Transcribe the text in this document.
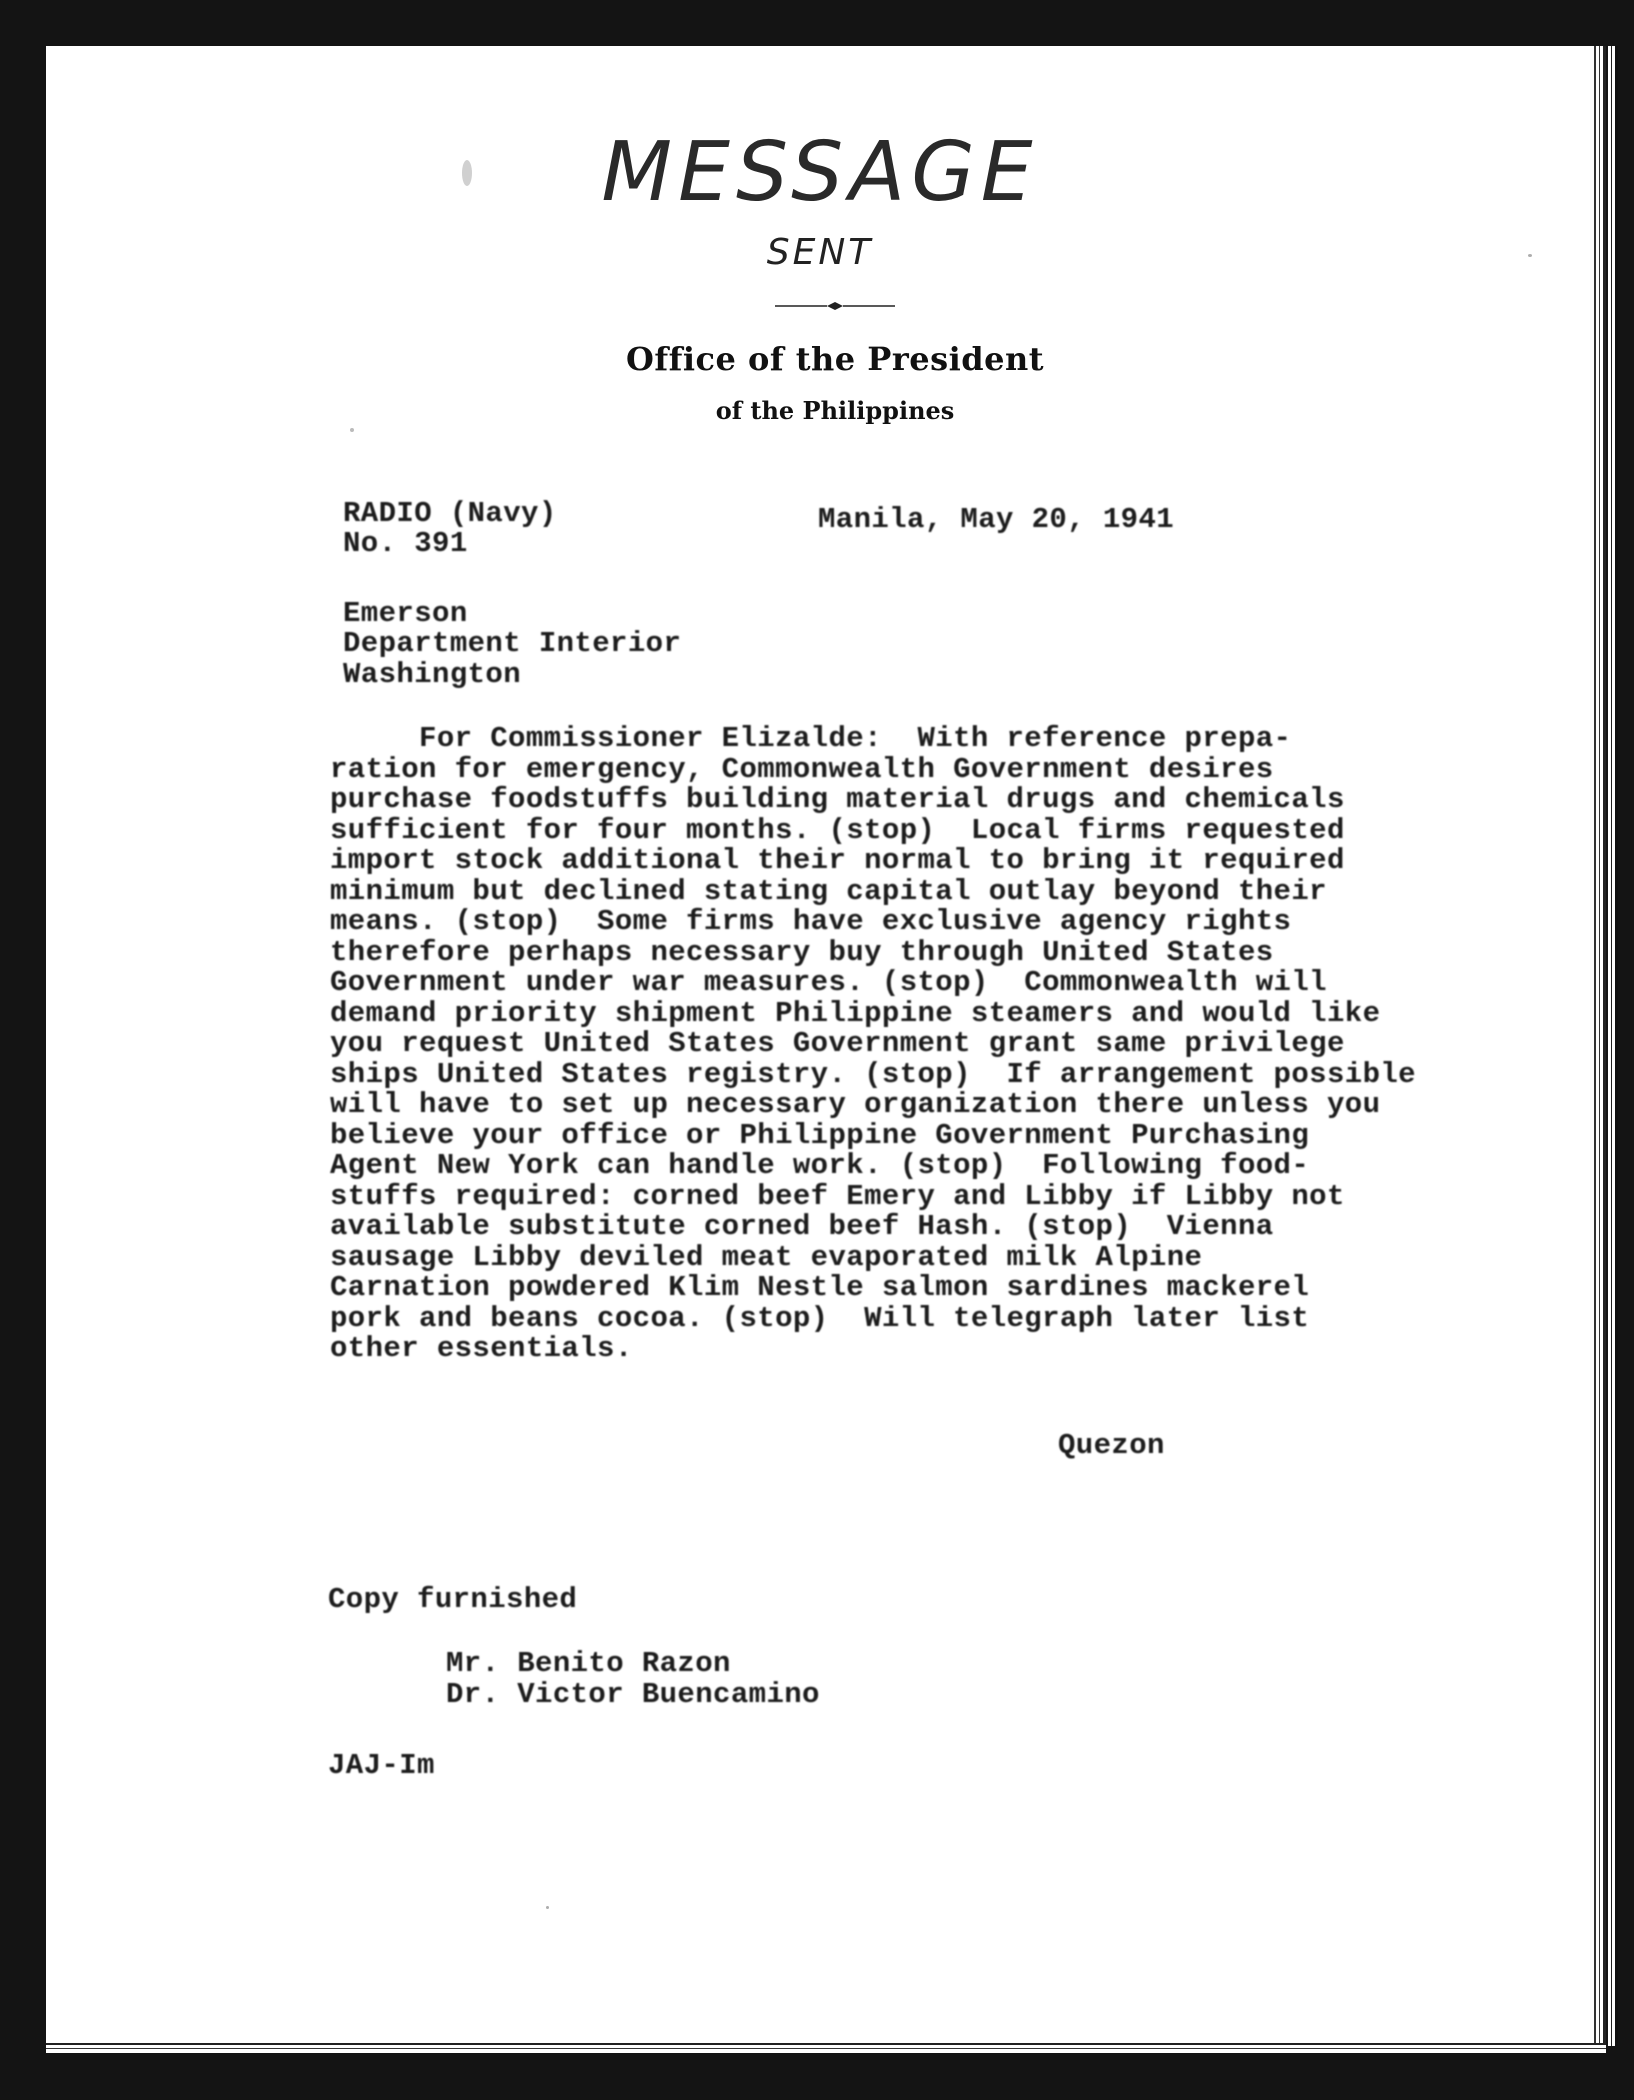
MESSAGE
SENT
Office of the President
of the Philippines
RADIO (Navy)
No. 391
Manila, May 20, 1941
Emerson
Department Interior
Washington
For Commissioner Elizalde:  With reference prepa-
ration for emergency, Commonwealth Government desires
purchase foodstuffs building material drugs and chemicals
sufficient for four months. (stop)  Local firms requested
import stock additional their normal to bring it required
minimum but declined stating capital outlay beyond their
means. (stop)  Some firms have exclusive agency rights
therefore perhaps necessary buy through United States
Government under war measures. (stop)  Commonwealth will
demand priority shipment Philippine steamers and would like
you request United States Government grant same privilege
ships United States registry. (stop)  If arrangement possible
will have to set up necessary organization there unless you
believe your office or Philippine Government Purchasing
Agent New York can handle work. (stop)  Following food-
stuffs required: corned beef Emery and Libby if Libby not
available substitute corned beef Hash. (stop)  Vienna
sausage Libby deviled meat evaporated milk Alpine
Carnation powdered Klim Nestle salmon sardines mackerel
pork and beans cocoa. (stop)  Will telegraph later list
other essentials.
Quezon
Copy furnished
Mr. Benito Razon
Dr. Victor Buencamino
JAJ-Im
